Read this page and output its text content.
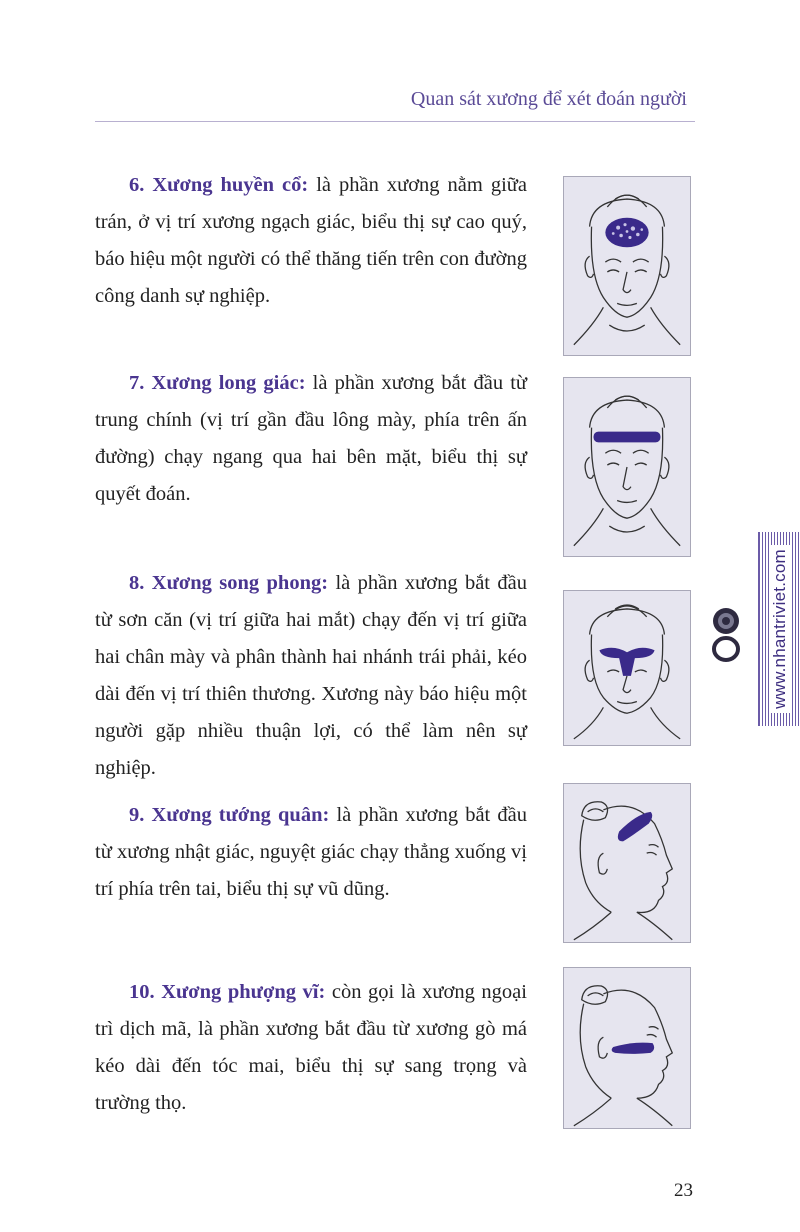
Quan sát xương để xét đoán người

6. Xương huyền cổ: là phần xương nằm giữa trán, ở vị trí xương ngạch giác, biểu thị sự cao quý, báo hiệu một người có thể thăng tiến trên con đường công danh sự nghiệp.

7. Xương long giác: là phần xương bắt đầu từ trung chính (vị trí gần đầu lông mày, phía trên ấn đường) chạy ngang qua hai bên mặt, biểu thị sự quyết đoán.

8. Xương song phong: là phần xương bắt đầu từ sơn căn (vị trí giữa hai mắt) chạy đến vị trí giữa hai chân mày và phân thành hai nhánh trái phải, kéo dài đến vị trí thiên thương. Xương này báo hiệu một người gặp nhiều thuận lợi, có thể làm nên sự nghiệp.

9. Xương tướng quân: là phần xương bắt đầu từ xương nhật giác, nguyệt giác chạy thẳng xuống vị trí phía trên tai, biểu thị sự vũ dũng.

10. Xương phượng vĩ: còn gọi là xương ngoại trì dịch mã, là phần xương bắt đầu từ xương gò má kéo dài đến tóc mai, biểu thị sự sang trọng và trường thọ.

www.nhantriviet.com
23
